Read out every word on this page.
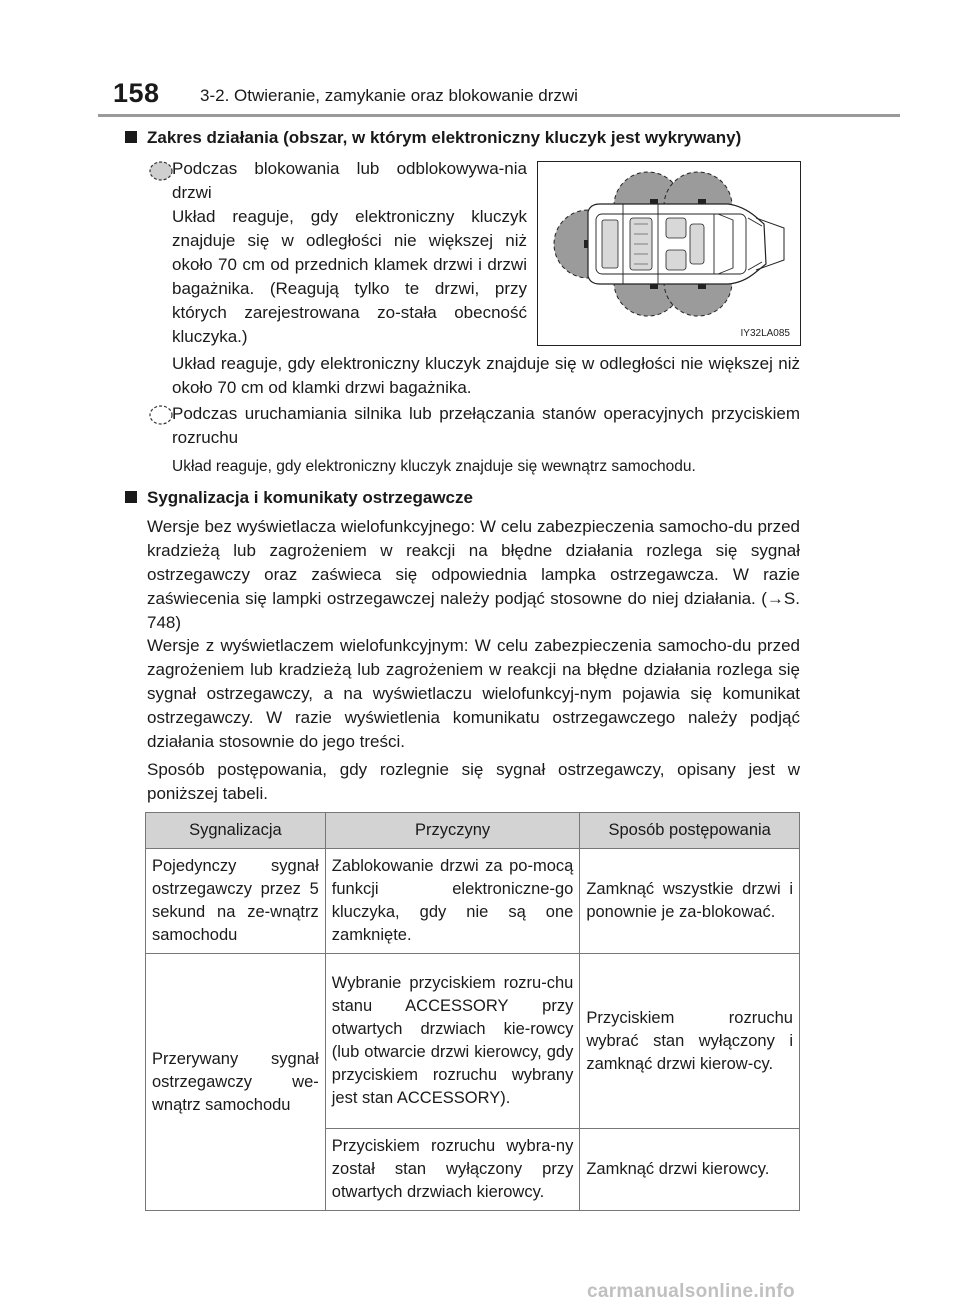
158 3-2. Otwieranie, zamykanie oraz blokowanie drzwi
Zakres działania (obszar, w którym elektroniczny kluczyk jest wykrywany)
Podczas blokowania lub odblokowywa-nia drzwi
Układ reaguje, gdy elektroniczny kluczyk znajduje się w odległości nie większej niż około 70 cm od przednich klamek drzwi i drzwi bagażnika. (Reagują tylko te drzwi, przy których zarejestrowana zo-stała obecność kluczyka.)	IY32LA085
Układ reaguje, gdy elektroniczny kluczyk znajduje się w odległości nie większej niż około 70 cm od klamki drzwi bagażnika.
Podczas uruchamiania silnika lub przełączania stanów operacyjnych przyciskiem rozruchu
Układ reaguje, gdy elektroniczny kluczyk znajduje się wewnątrz samochodu.
Sygnalizacja i komunikaty ostrzegawcze
Wersje bez wyświetlacza wielofunkcyjnego: W celu zabezpieczenia samocho-du przed kradzieżą lub zagrożeniem w reakcji na błędne działania rozlega się sygnał ostrzegawczy oraz zaświeca się odpowiednia lampka ostrzegawcza. W razie zaświecenia się lampki ostrzegawczej należy podjąć stosowne do niej działania. (→S. 748)
Wersje z wyświetlaczem wielofunkcyjnym: W celu zabezpieczenia samocho-du przed zagrożeniem lub kradzieżą lub zagrożeniem w reakcji na błędne działania rozlega się sygnał ostrzegawczy, a na wyświetlaczu wielofunkcyj-nym pojawia się komunikat ostrzegawczy. W razie wyświetlenia komunikatu ostrzegawczego należy podjąć działania stosownie do jego treści.
Sposób postępowania, gdy rozlegnie się sygnał ostrzegawczy, opisany jest w poniższej tabeli.
Sygnalizacja	Przyczyny	Sposób postępowania
Pojedynczy sygnał ostrzegawczy przez 5 sekund na ze-wnątrz samochodu	Zablokowanie drzwi za po-mocą funkcji elektroniczne-go kluczyka, gdy nie są one zamknięte.	Zamknąć wszystkie drzwi i ponownie je za-blokować.
Przerywany sygnał ostrzegawczy we-wnątrz samochodu	Wybranie przyciskiem rozru-chu stanu ACCESSORY przy otwartych drzwiach kie-rowcy (lub otwarcie drzwi kierowcy, gdy przyciskiem rozruchu wybrany jest stan ACCESSORY).	Przyciskiem rozruchu wybrać stan wyłączony i zamknąć drzwi kierow-cy.
	Przyciskiem rozruchu wybra-ny został stan wyłączony przy otwartych drzwiach kierowcy.	Zamknąć drzwi kierowcy.
carmanualsonline.info
